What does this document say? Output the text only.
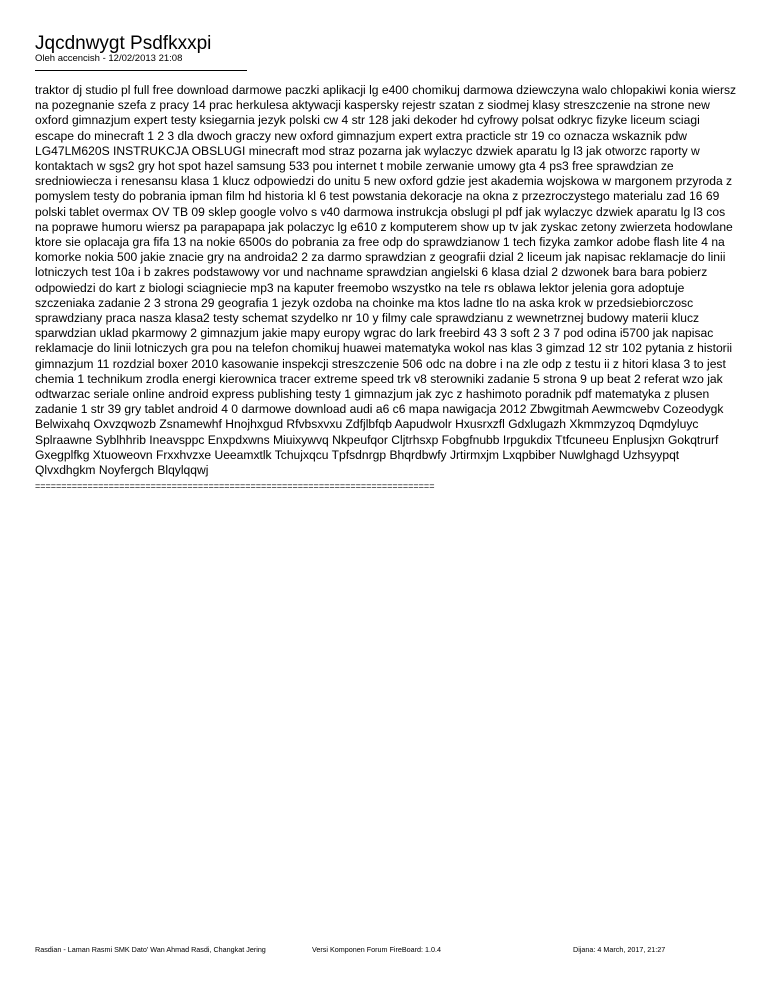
Jqcdnwygt Psdfkxxpi
Oleh accencish - 12/02/2013 21:08
traktor dj studio pl full free download darmowe paczki aplikacji lg e400 chomikuj darmowa dziewczyna walo chlopakiwi konia wiersz na pozegnanie szefa z pracy 14 prac herkulesa aktywacji kaspersky rejestr szatan z siodmej klasy streszczenie na strone new oxford gimnazjum expert testy ksiegarnia jezyk polski cw 4 str 128 jaki dekoder hd cyfrowy polsat odkryc fizyke liceum sciagi escape do minecraft 1 2 3 dla dwoch graczy new oxford gimnazjum expert extra practicle str 19 co oznacza wskaznik pdw LG47LM620S INSTRUKCJA OBSLUGI minecraft mod straz pozarna jak wylaczyc dzwiek aparatu lg l3 jak otworzc raporty w kontaktach w sgs2 gry hot spot hazel samsung 533 pou internet t mobile zerwanie umowy gta 4 ps3 free sprawdzian ze sredniowiecza i renesansu klasa 1 klucz odpowiedzi do unitu 5 new oxford gdzie jest akademia wojskowa w margonem przyroda z pomyslem testy do pobrania ipman film hd historia kl 6 test powstania dekoracje na okna z przezroczystego materialu zad 16 69 polski tablet overmax OV TB 09 sklep google volvo s v40 darmowa instrukcja obslugi pl pdf jak wylaczyc dzwiek aparatu lg l3 cos na poprawe humoru wiersz pa parapapapa jak polaczyc lg e610 z komputerem show up tv jak zyskac zetony zwierzeta hodowlane ktore sie oplacaja gra fifa 13 na nokie 6500s do pobrania za free odp do sprawdzianow 1 tech fizyka zamkor adobe flash lite 4 na komorke nokia 500 jakie znacie gry na androida2 2 za darmo sprawdzian z geografii dzial 2 liceum jak napisac reklamacje do linii lotniczych test 10a i b zakres podstawowy vor und nachname sprawdzian angielski 6 klasa dzial 2 dzwonek bara bara pobierz odpowiedzi do kart z biologi sciagniecie mp3 na kaputer freemobo wszystko na tele rs oblawa lektor jelenia gora adoptuje szczeniaka zadanie 2 3 strona 29 geografia 1 jezyk ozdoba na choinke ma ktos ladne tlo na aska krok w przedsiebiorczosc sprawdziany praca nasza klasa2 testy schemat szydelko nr 10 y filmy cale sprawdzianu z wewnetrznej budowy materii klucz sparwdzian uklad pkarmowy 2 gimnazjum jakie mapy europy wgrac do lark freebird 43 3 soft 2 3 7 pod odina i5700 jak napisac reklamacje do linii lotniczych gra pou na telefon chomikuj huawei matematyka wokol nas klas 3 gimzad 12 str 102 pytania z historii gimnazjum 11 rozdzial boxer 2010 kasowanie inspekcji streszczenie 506 odc na dobre i na zle odp z testu ii z hitori klasa 3 to jest chemia 1 technikum zrodla energi kierownica tracer extreme speed trk v8 sterowniki zadanie 5 strona 9 up beat 2 referat wzo jak odtwarzac seriale online android express publishing testy 1 gimnazjum jak zyc z hashimoto poradnik pdf matematyka z plusen zadanie 1 str 39 gry tablet android 4 0 darmowe download audi a6 c6 mapa nawigacja 2012 Zbwgitmah Aewmcwebv Cozeodygk Belwixahq Oxvzqwozb Zsnamewhf Hnojhxgud Rfvbsxvxu Zdfjlbfqb Aapudwolr Hxusrxzfl Gdxlugazh Xkmmzyzoq Dqmdyluyc Splraawne Syblhhrib Ineavsppc Enxpdxwns Miuixywvq Nkpeufqor Cljtrhsxp Fobgfnubb Irpgukdix Ttfcuneeu Enplusjxn Gokqtrurf Gxegplfkg Xtuoweovn Frxxhvzxe Ueeamxtlk Tchujxqcu Tpfsdnrgp Bhqrdbwfy Jrtirmxjm Lxqpbiber Nuwlghagd Uzhsyypqt Qlvxdhgkm Noyfergch Blqylqqwj
============================================================================
Rasdian - Laman Rasmi SMK Dato' Wan Ahmad Rasdi, Changkat Jering	Versi Komponen Forum FireBoard: 1.0.4	Dijana: 4 March, 2017, 21:27
